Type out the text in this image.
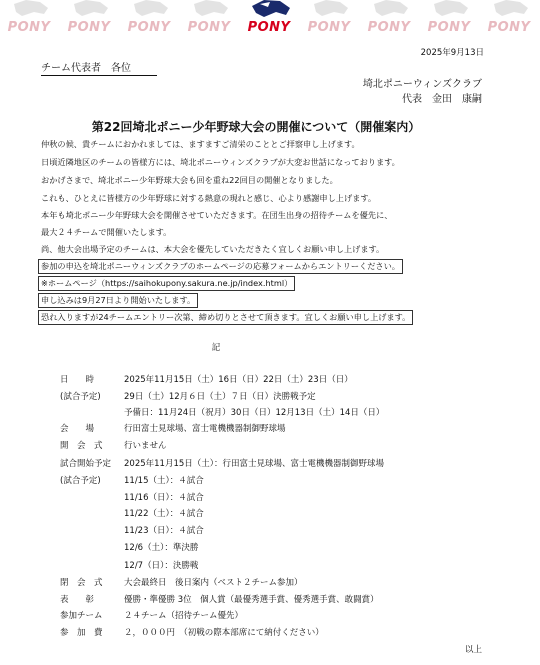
PONY	PONY	PONY	PONY	PONY	PONY	PONY	PONY	PONY
2025年9月13日
チーム代表者　各位
埼北ポニーウィンズクラブ
代表　金田　康嗣
第22回埼北ポニー少年野球大会の開催について（開催案内）
仲秋の候、貴チームにおかれましては、ますますご清栄のこととご拝察申し上げます。
日頃近隣地区のチームの皆様方には、埼北ポニーウィンズクラブが大変お世話になっております。
おかげさまで、埼北ポニー少年野球大会も回を重ね22回目の開催となりました。
これも、ひとえに皆様方の少年野球に対する熱意の現れと感じ、心より感謝申し上げます。
本年も埼北ポニー少年野球大会を開催させていただきます。在団生出身の招待チームを優先に、
最大２４チームで開催いたします。
尚、他大会出場予定のチームは、本大会を優先していただきたく宜しくお願い申し上げます。
参加の申込を埼北ポニーウィンズクラブのホームページの応募フォームからエントリーください。
※ホームページ（https://saihokupony.sakura.ne.jp/index.html）
申し込みは9月27日より開始いたします。
恐れ入りますが24チームエントリー次第、締め切りとさせて頂きます。宜しくお願い申し上げます。
記
日　　時	2025年11月15日（土）16日（日）22日（土）23日（日）
(試合予定)	29日（土）12月６日（土）７日（日）決勝戦予定
予備日：11月24日（祝月）30日（日）12月13日（土）14日（日）
会　　場	行田富士見球場、富士電機機器制御野球場
開　会　式	行いません
試合開始予定	2025年11月15日（土）：行田富士見球場、富士電機機器制御野球場
(試合予定)	11/15（土）：４試合
11/16（日）：４試合
11/22（土）：４試合
11/23（日）：４試合
12/6（土）：準決勝
12/7（日）：決勝戦
閉　会　式	大会最終日　後日案内（ベスト２チーム参加）
表　　彰	優勝・準優勝 3位　個人賞（最優秀選手賞、優秀選手賞、敢闘賞）
参加チーム	２４チーム（招待チーム優先）
参　加　費	２，０００円　（初戦の際本部席にて納付ください）
以上
